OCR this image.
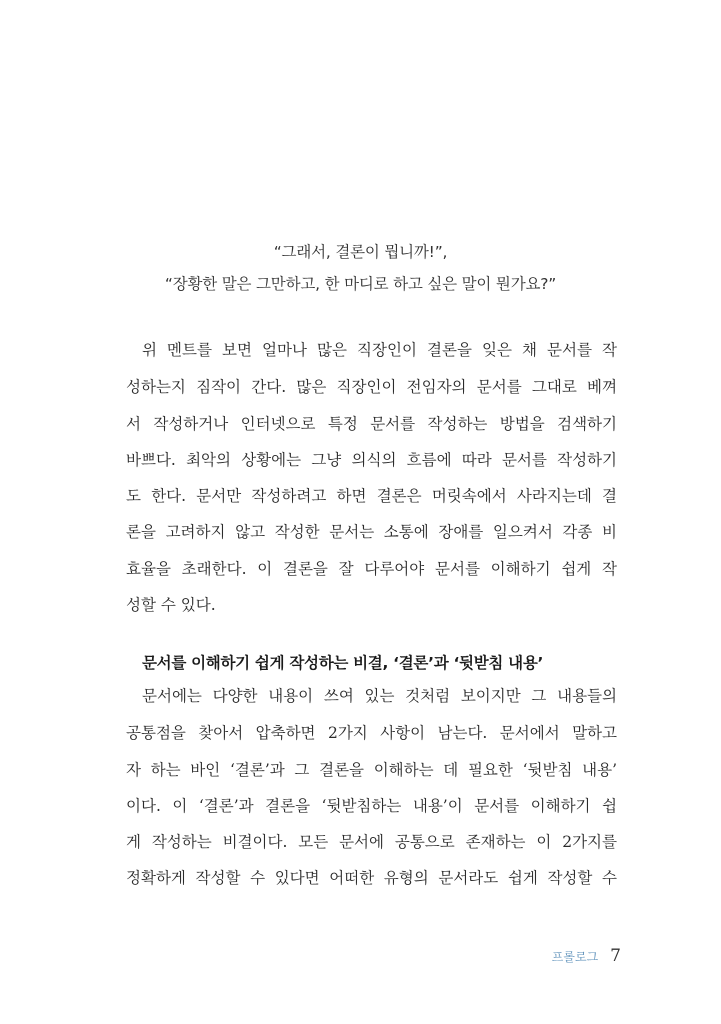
“그래서, 결론이 뭡니까!”,
“장황한 말은 그만하고, 한 마디로 하고 싶은 말이 뭔가요?”
위 멘트를 보면 얼마나 많은 직장인이 결론을 잊은 채 문서를 작
성하는지 짐작이 간다. 많은 직장인이 전임자의 문서를 그대로 베껴
서 작성하거나 인터넷으로 특정 문서를 작성하는 방법을 검색하기
바쁘다. 최악의 상황에는 그냥 의식의 흐름에 따라 문서를 작성하기
도 한다. 문서만 작성하려고 하면 결론은 머릿속에서 사라지는데 결
론을 고려하지 않고 작성한 문서는 소통에 장애를 일으켜서 각종 비
효율을 초래한다. 이 결론을 잘 다루어야 문서를 이해하기 쉽게 작
성할 수 있다.
문서를 이해하기 쉽게 작성하는 비결, ‘결론’과 ‘뒷받침 내용’
문서에는 다양한 내용이 쓰여 있는 것처럼 보이지만 그 내용들의
공통점을 찾아서 압축하면 2가지 사항이 남는다. 문서에서 말하고
자 하는 바인 ‘결론’과 그 결론을 이해하는 데 필요한 ‘뒷받침 내용’
이다. 이 ‘결론’과 결론을 ‘뒷받침하는 내용’이 문서를 이해하기 쉽
게 작성하는 비결이다. 모든 문서에 공통으로 존재하는 이 2가지를
정확하게 작성할 수 있다면 어떠한 유형의 문서라도 쉽게 작성할 수
프롤로그 7
